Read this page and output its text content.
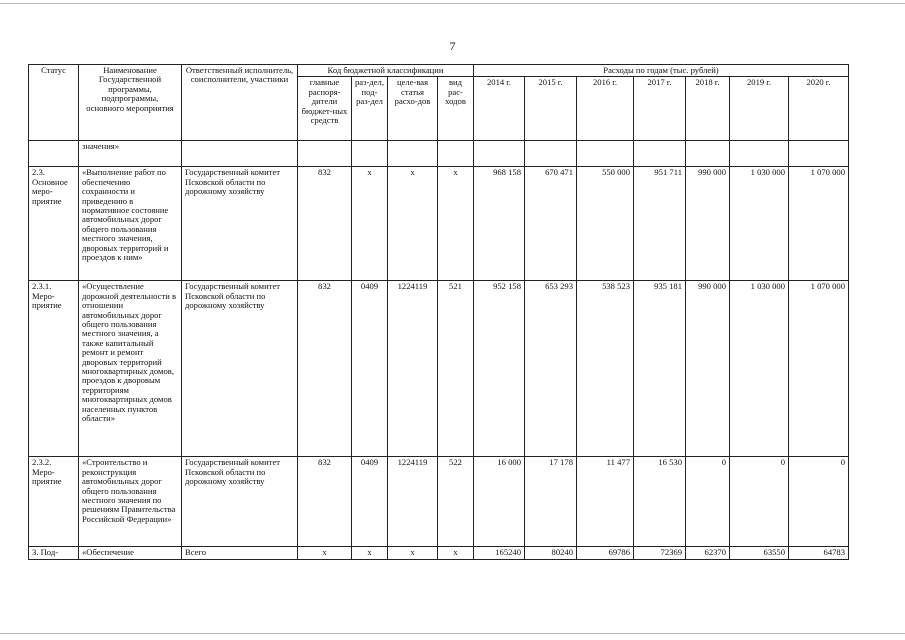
7
Статус	Наименование Государственной программы, подпрограммы, основного мероприятия	Ответственный исполнитель, соисполнители, участники	Код бюджетной классификации				Расходы по годам (тыс. рублей)						
			главные распоря-дители бюджет-ных средств	раз-дел, под-раз-дел	целе-вая статья расхо-дов	вид рас-ходов	2014 г.	2015 г.	2016 г.	2017 г.	2018 г.	2019 г.	2020 г.
	значения»												
2.3. Основное меро-приятие	«Выполнение работ по обеспечению сохранности и приведению в нормативное состояние автомобильных дорог общего пользования местного значения, дворовых территорий и проездов к ним»	Государственный комитет Псковской области по дорожному хозяйству	832	х	х	х	968 158	670 471	550 000	951 711	990 000	1 030 000	1 070 000
2.3.1. Меро-приятие	«Осуществление дорожной деятельности в отношении автомобильных дорог общего пользования местного значения, а также капитальный ремонт и ремонт дворовых территорий многоквартирных домов, проездов к дворовым территориям многоквартирных домов населенных пунктов области»	Государственный комитет Псковской области по дорожному хозяйству	832	0409	1224119	521	952 158	653 293	538 523	935 181	990 000	1 030 000	1 070 000
2.3.2. Меро-приятие	«Строительство и реконструкция автомобильных дорог общего пользования местного значения по решениям Правительства Российской Федерации»	Государственный комитет Псковской области по дорожному хозяйству	832	0409	1224119	522	16 000	17 178	11 477	16 530	0	0	0
3. Под-	«Обеспечение	Всего	х	х	х	х	165240	80240	69786	72369	62370	63550	64783
